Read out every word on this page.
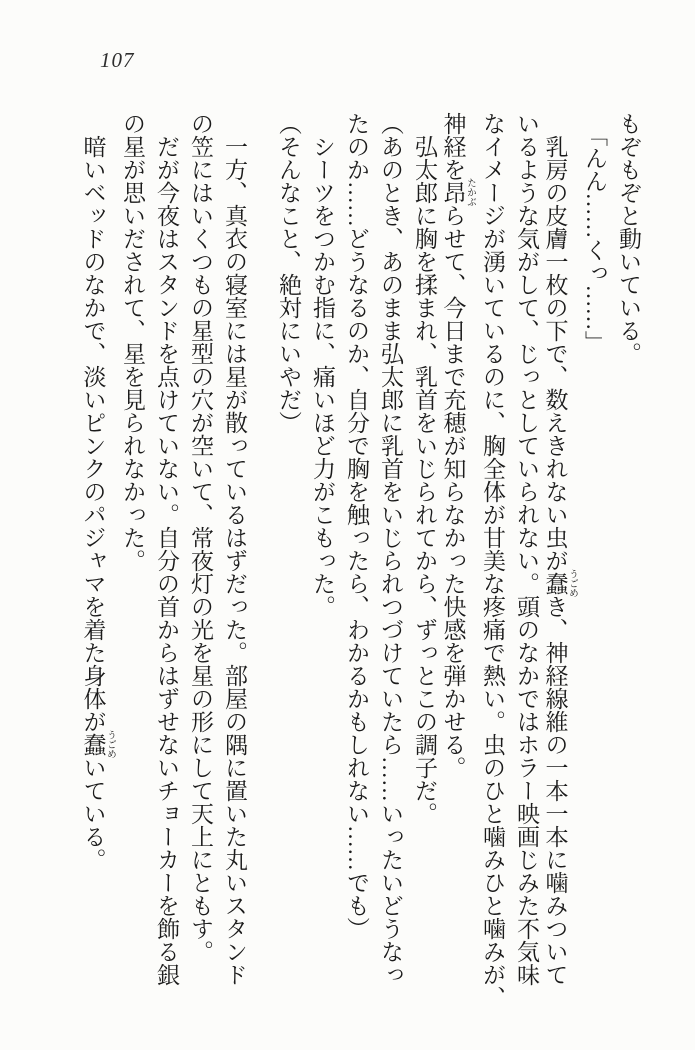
107
もぞもぞと動いている。
　「んん……くっ……」
　乳房の皮膚一枚の下で、数えきれない虫が蠢 うごめき、神経線維の一本一本に噛みついて
いるような気がして、じっとしていられない。頭のなかではホラー映画じみた不気味
なイメージが湧いているのに、胸全体が甘美な疼痛で熱い。虫のひと噛みひと噛みが、
神経を昂 たかぶらせて、今日まで充穂が知らなかった快感を弾かせる。
　弘太郎に胸を揉まれ、乳首をいじられてから、ずっとこの調子だ。
（あのとき、あのまま弘太郎に乳首をいじられつづけていたら……いったいどうなっ
たのか……どうなるのか、自分で胸を触ったら、わかるかもしれない……でも）
　シーツをつかむ指に、痛いほど力がこもった。
（そんなこと、絶対にいやだ）
　一方、真衣の寝室には星が散っているはずだった。部屋の隅に置いた丸いスタンド
の笠にはいくつもの星型の穴が空いて、常夜灯の光を星の形にして天上にともす。
　だが今夜はスタンドを点けていない。自分の首からはずせないチョーカーを飾る銀
の星が思いだされて、星を見られなかった。
　暗いベッドのなかで、淡いピンクのパジャマを着た身体が蠢 うごめいている。
